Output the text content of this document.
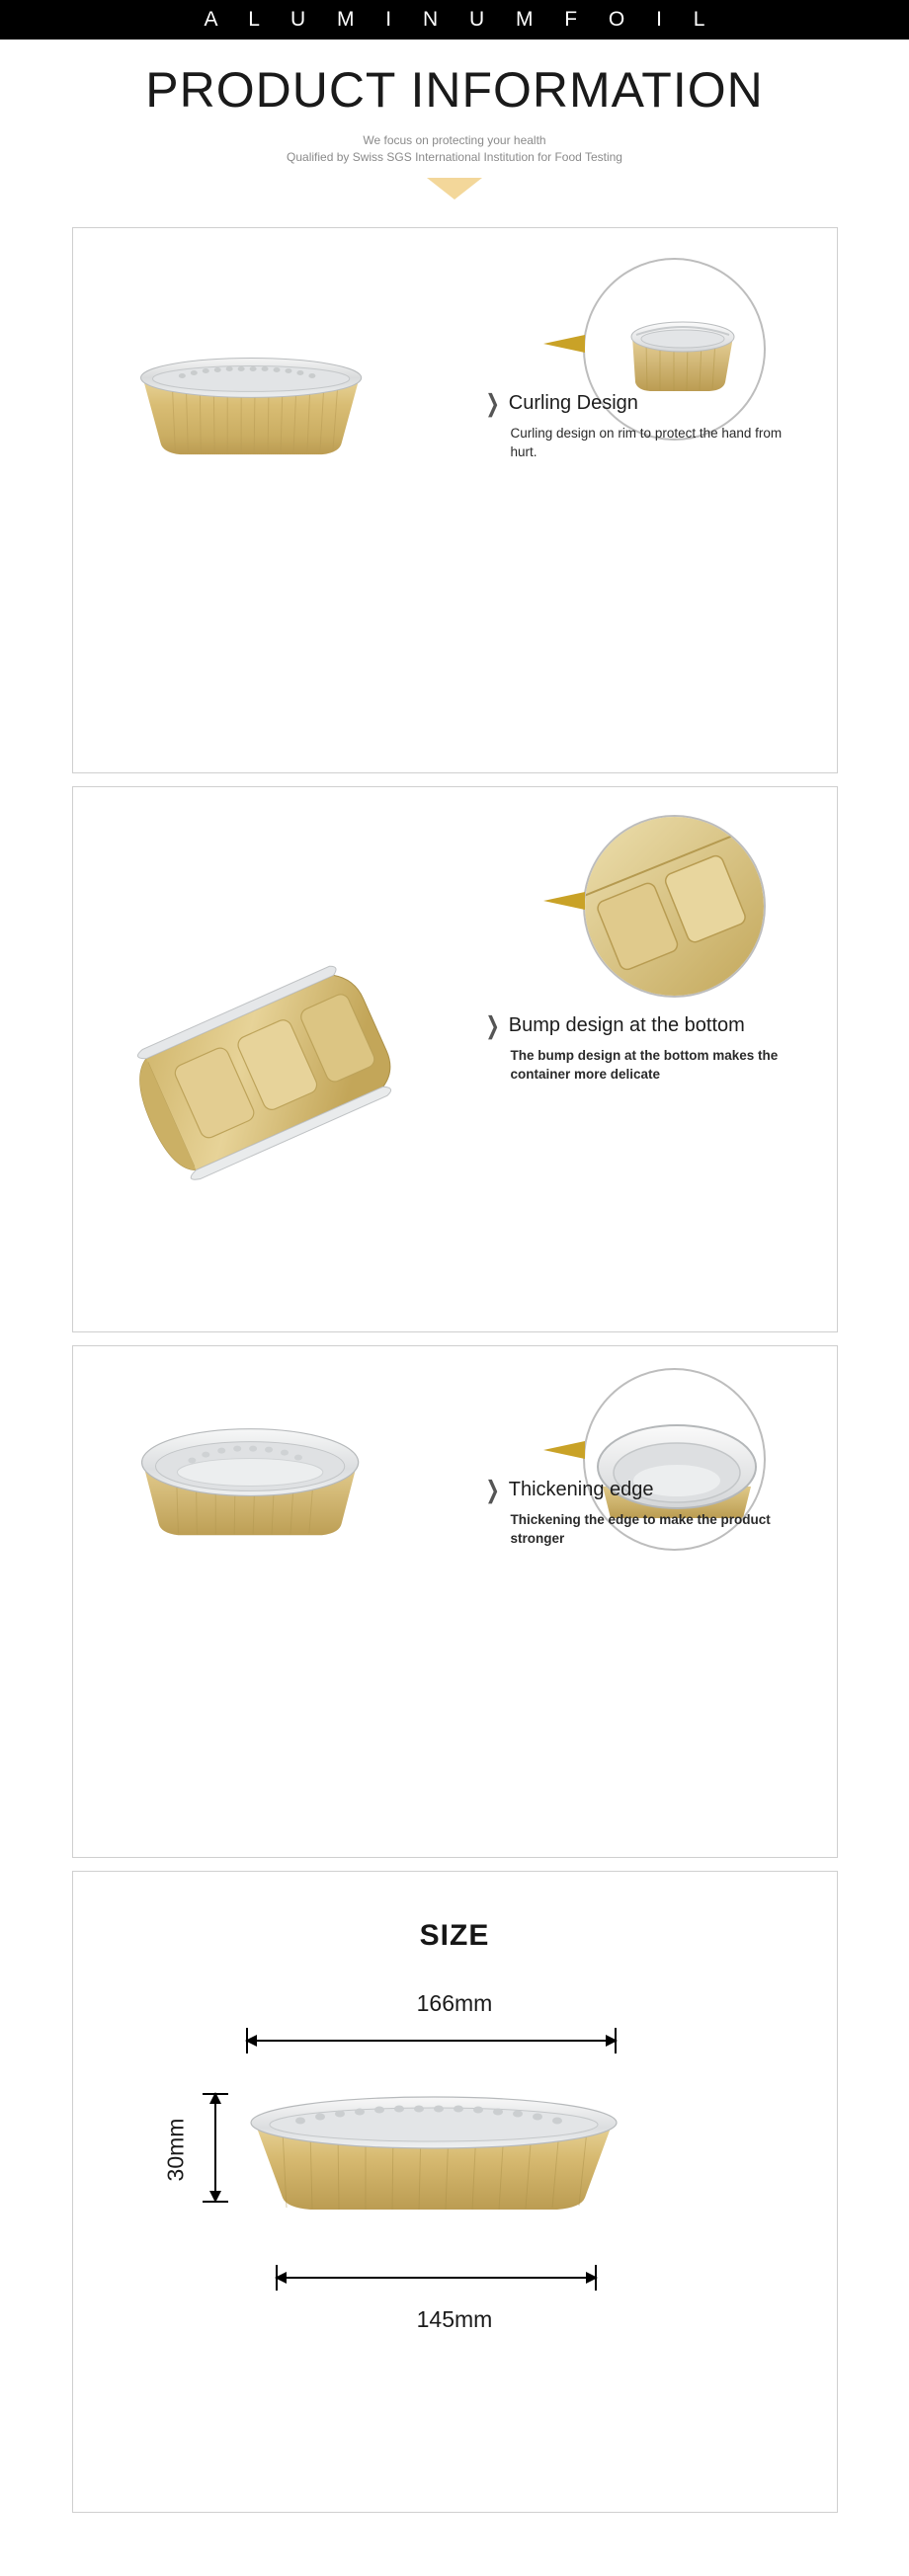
A L U M I N U M F O I L
PRODUCT INFORMATION
We focus on protecting your health
Qualified by Swiss SGS International Institution for Food Testing
❯ Curling Design
Curling design on rim to protect the hand from hurt.
❯ Bump design at the bottom
The bump design at the bottom makes the container more delicate
❯ Thickening edge
Thickening the edge to make the product stronger
SIZE
166mm
30mm
145mm
